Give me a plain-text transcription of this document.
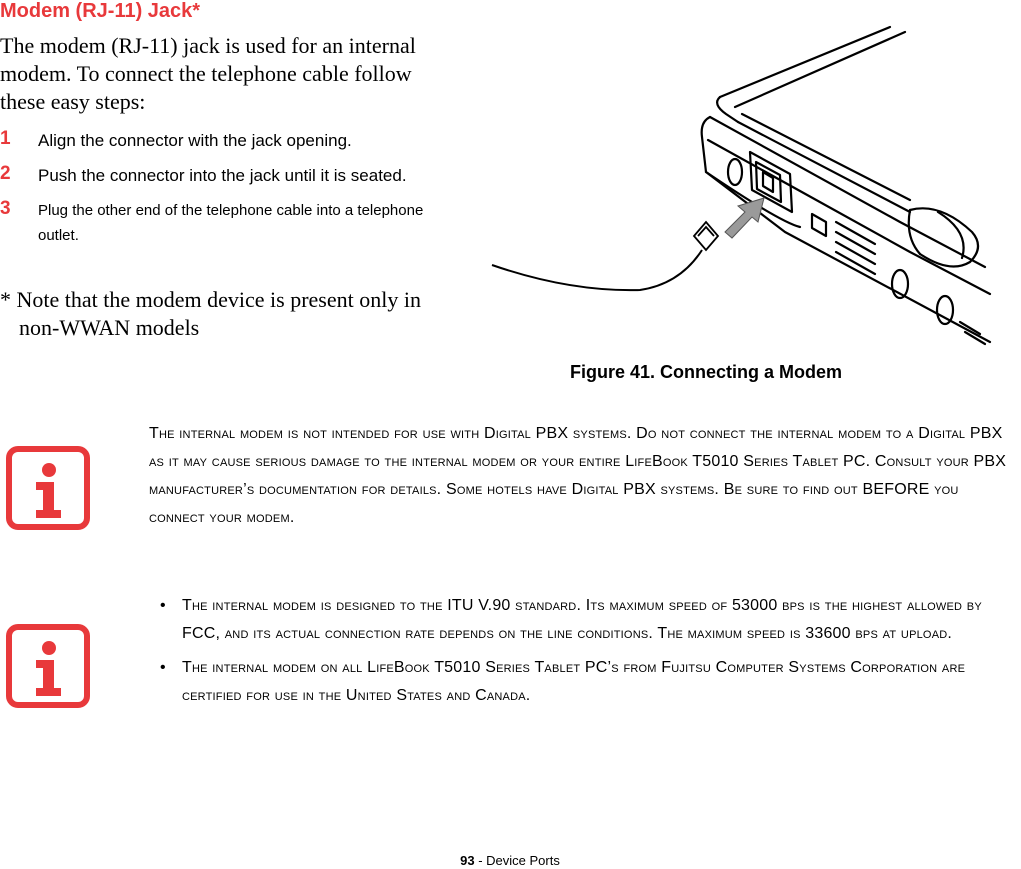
Modem (RJ-11) Jack*
The modem (RJ-11) jack is used for an internal modem. To connect the telephone cable follow these easy steps:
1 Align the connector with the jack opening.
2 Push the connector into the jack until it is seated.
3 Plug the other end of the telephone cable into a telephone outlet.
* Note that the modem device is present only in non-WWAN models
Figure 41. Connecting a Modem
The internal modem is not intended for use with Digital PBX systems. Do not connect the internal modem to a Digital PBX as it may cause serious damage to the internal modem or your entire LifeBook T5010 Series Tablet PC. Consult your PBX manufacturer’s documentation for details. Some hotels have Digital PBX systems. Be sure to find out BEFORE you connect your modem.
• The internal modem is designed to the ITU V.90 standard. Its maximum speed of 53000 bps is the highest allowed by FCC, and its actual connection rate depends on the line conditions. The maximum speed is 33600 bps at upload.
• The internal modem on all LifeBook T5010 Series Tablet PC’s from Fujitsu Computer Systems Corporation are certified for use in the United States and Canada.
93 - Device Ports
